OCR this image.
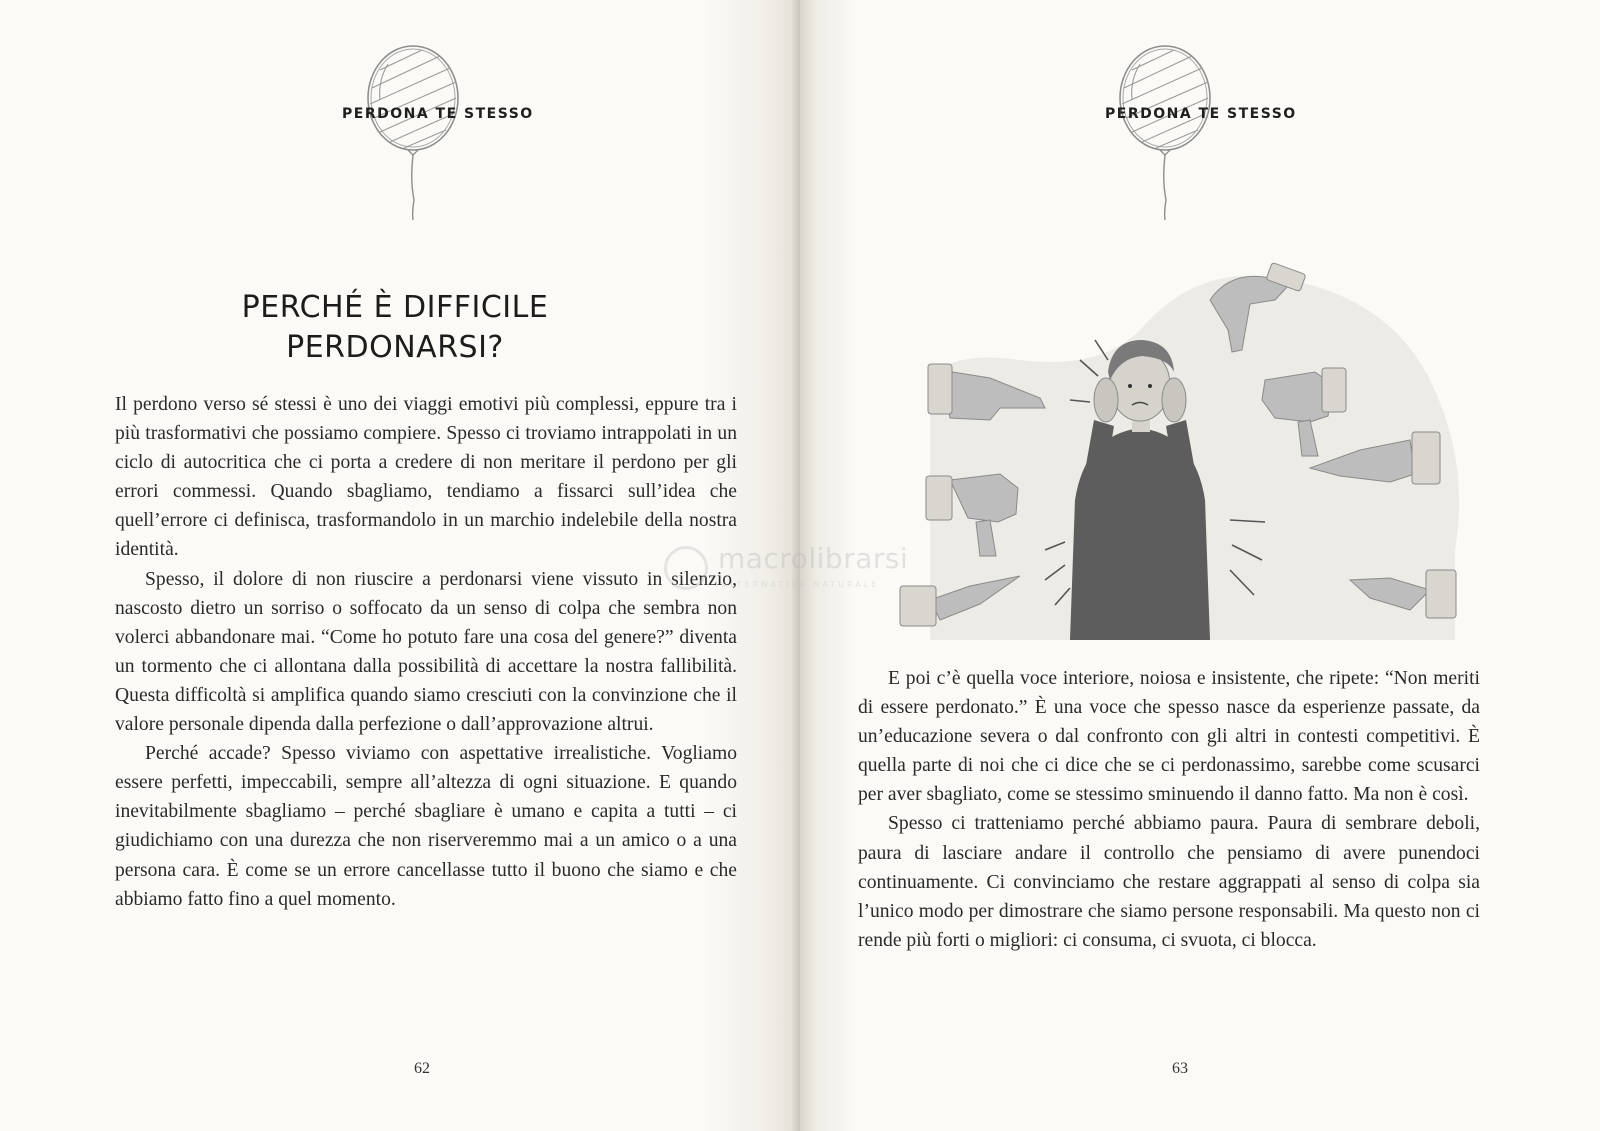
PERDONA TE STESSO
PERCHÉ È DIFFICILE
PERDONARSI?

Il perdono verso sé stessi è uno dei viaggi emotivi più complessi, eppure tra i più trasformativi che possiamo compiere. Spesso ci troviamo intrappolati in un ciclo di autocritica che ci porta a credere di non meritare il perdono per gli errori commessi. Quando sbagliamo, tendiamo a fissarci sull’idea che quell’errore ci definisca, trasformandolo in un marchio indelebile della nostra identità.

Spesso, il dolore di non riuscire a perdonarsi viene vissuto in silenzio, nascosto dietro un sorriso o soffocato da un senso di colpa che sembra non volerci abbandonare mai. “Come ho potuto fare una cosa del genere?” diventa un tormento che ci allontana dalla possibilità di accettare la nostra fallibilità. Questa difficoltà si amplifica quando siamo cresciuti con la convinzione che il valore personale dipenda dalla perfezione o dall’approvazione altrui.

Perché accade? Spesso viviamo con aspettative irrealistiche. Vogliamo essere perfetti, impeccabili, sempre all’altezza di ogni situazione. E quando inevitabilmente sbagliamo – perché sbagliare è umano e capita a tutti – ci giudichiamo con una durezza che non riserveremmo mai a un amico o a una persona cara. È come se un errore cancellasse tutto il buono che siamo e che abbiamo fatto fino a quel momento.

62
PERDONA TE STESSO

E poi c’è quella voce interiore, noiosa e insistente, che ripete: “Non meriti di essere perdonato.” È una voce che spesso nasce da esperienze passate, da un’educazione severa o dal confronto con gli altri in contesti competitivi. È quella parte di noi che ci dice che se ci perdonassimo, sarebbe come scusarci per aver sbagliato, come se stessimo sminuendo il danno fatto. Ma non è così.

Spesso ci tratteniamo perché abbiamo paura. Paura di sembrare deboli, paura di lasciare andare il controllo che pensiamo di avere punendoci continuamente. Ci convinciamo che restare aggrappati al senso di colpa sia l’unico modo per dimostrare che siamo persone responsabili. Ma questo non ci rende più forti o migliori: ci consuma, ci svuota, ci blocca.

63
macrolibrarsi
ALTERNATIVA NATURALE
